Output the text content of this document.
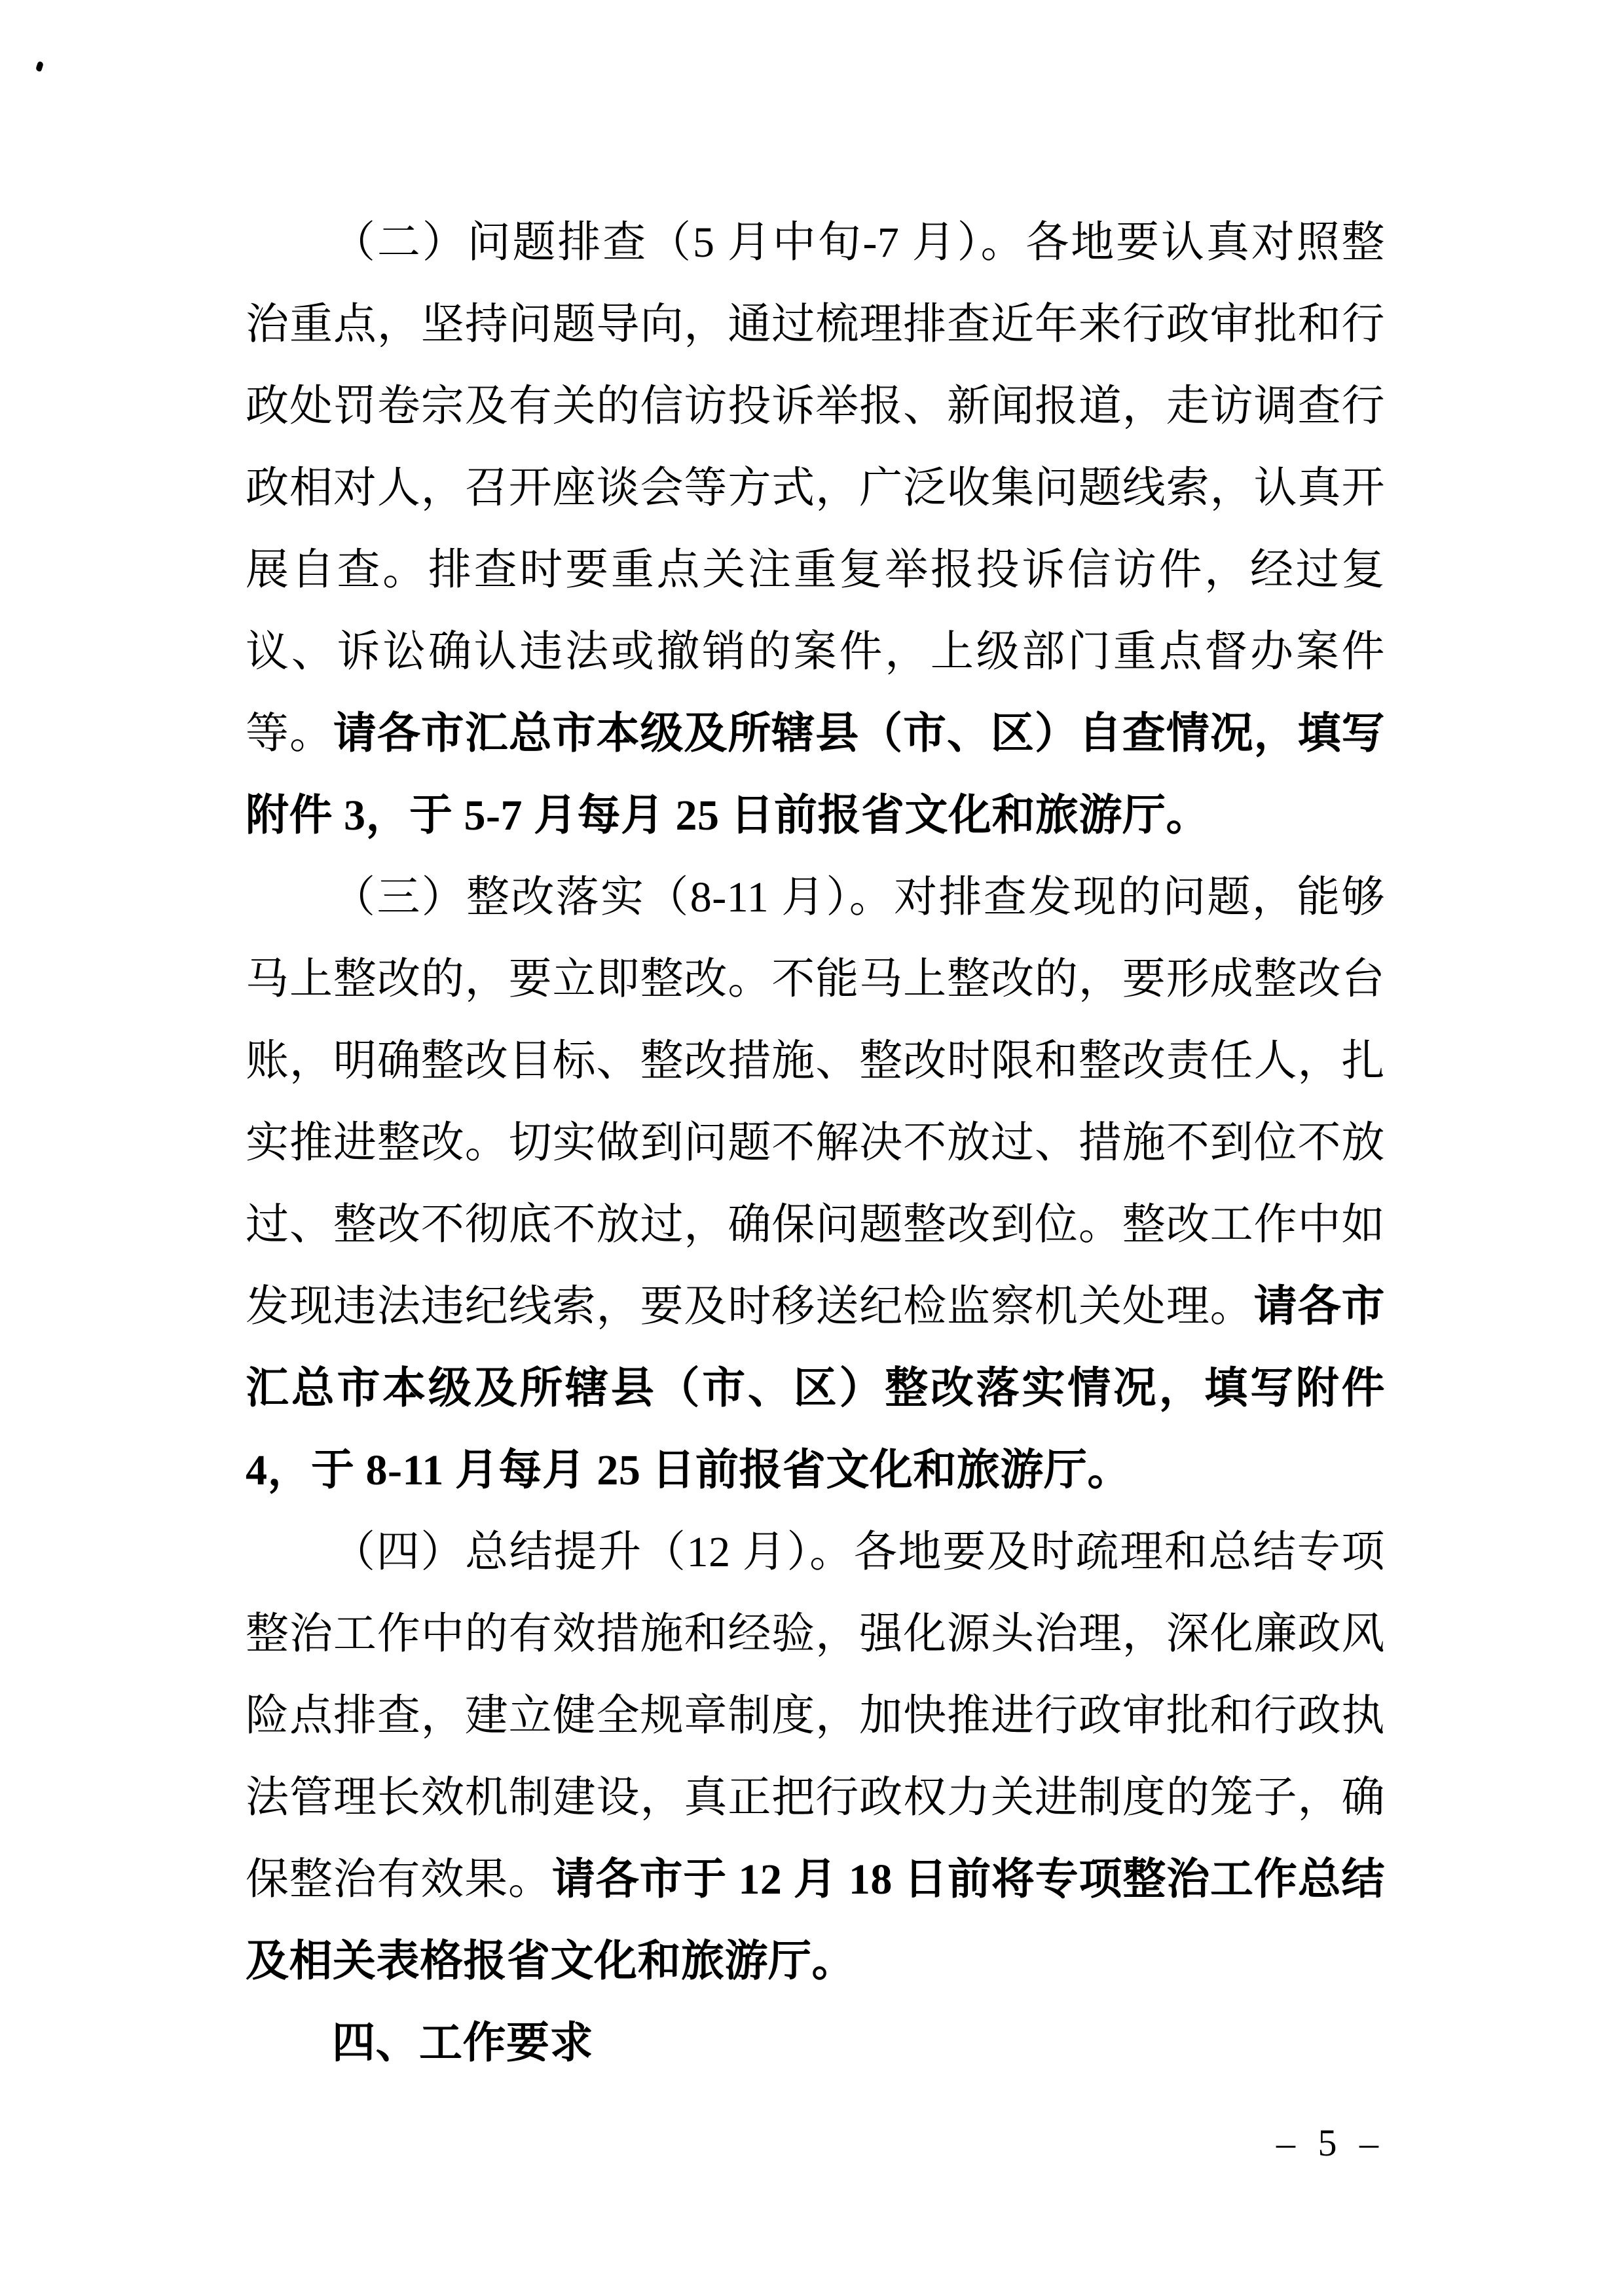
（二）问题排查（5 月中旬-7 月）。各地要认真对照整治重点，坚持问题导向，通过梳理排查近年来行政审批和行政处罚卷宗及有关的信访投诉举报、新闻报道，走访调查行政相对人，召开座谈会等方式，广泛收集问题线索，认真开展自查。排查时要重点关注重复举报投诉信访件，经过复议、诉讼确认违法或撤销的案件，上级部门重点督办案件等。请各市汇总市本级及所辖县（市、区）自查情况，填写附件 3，于 5-7 月每月 25 日前报省文化和旅游厅。

（三）整改落实（8-11 月）。对排查发现的问题，能够马上整改的，要立即整改。不能马上整改的，要形成整改台账，明确整改目标、整改措施、整改时限和整改责任人，扎实推进整改。切实做到问题不解决不放过、措施不到位不放过、整改不彻底不放过，确保问题整改到位。整改工作中如发现违法违纪线索，要及时移送纪检监察机关处理。请各市汇总市本级及所辖县（市、区）整改落实情况，填写附件 4，于 8-11 月每月 25 日前报省文化和旅游厅。

（四）总结提升（12 月）。各地要及时疏理和总结专项整治工作中的有效措施和经验，强化源头治理，深化廉政风险点排查，建立健全规章制度，加快推进行政审批和行政执法管理长效机制建设，真正把行政权力关进制度的笼子，确保整治有效果。请各市于 12 月 18 日前将专项整治工作总结及相关表格报省文化和旅游厅。

四、工作要求

– 5 –
